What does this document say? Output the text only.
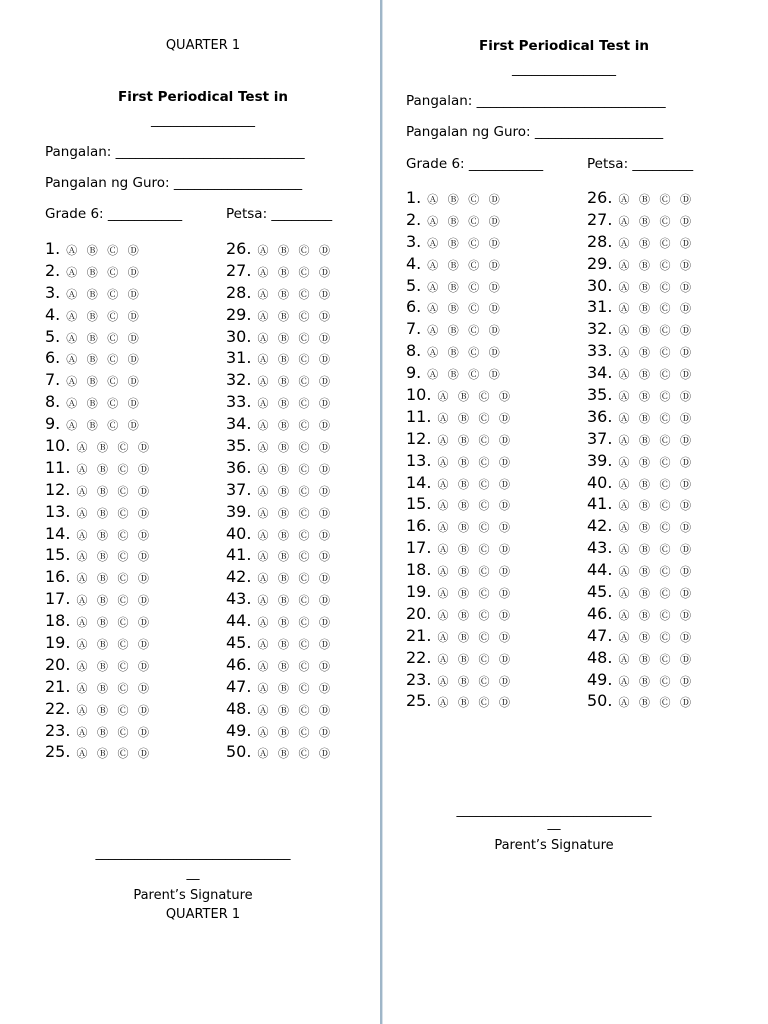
QUARTER 1
First Periodical Test in
________________
Pangalan: ____________________________
Pangalan ng Guro: ___________________
Grade 6: ___________	Petsa: _________
1. Ⓐ Ⓑ Ⓒ Ⓓ
2. Ⓐ Ⓑ Ⓒ Ⓓ
3. Ⓐ Ⓑ Ⓒ Ⓓ
4. Ⓐ Ⓑ Ⓒ Ⓓ
5. Ⓐ Ⓑ Ⓒ Ⓓ
6. Ⓐ Ⓑ Ⓒ Ⓓ
7. Ⓐ Ⓑ Ⓒ Ⓓ
8. Ⓐ Ⓑ Ⓒ Ⓓ
9. Ⓐ Ⓑ Ⓒ Ⓓ
10. Ⓐ Ⓑ Ⓒ Ⓓ
11. Ⓐ Ⓑ Ⓒ Ⓓ
12. Ⓐ Ⓑ Ⓒ Ⓓ
13. Ⓐ Ⓑ Ⓒ Ⓓ
14. Ⓐ Ⓑ Ⓒ Ⓓ
15. Ⓐ Ⓑ Ⓒ Ⓓ
16. Ⓐ Ⓑ Ⓒ Ⓓ
17. Ⓐ Ⓑ Ⓒ Ⓓ
18. Ⓐ Ⓑ Ⓒ Ⓓ
19. Ⓐ Ⓑ Ⓒ Ⓓ
20. Ⓐ Ⓑ Ⓒ Ⓓ
21. Ⓐ Ⓑ Ⓒ Ⓓ
22. Ⓐ Ⓑ Ⓒ Ⓓ
23. Ⓐ Ⓑ Ⓒ Ⓓ
25. Ⓐ Ⓑ Ⓒ Ⓓ
26. Ⓐ Ⓑ Ⓒ Ⓓ
27. Ⓐ Ⓑ Ⓒ Ⓓ
28. Ⓐ Ⓑ Ⓒ Ⓓ
29. Ⓐ Ⓑ Ⓒ Ⓓ
30. Ⓐ Ⓑ Ⓒ Ⓓ
31. Ⓐ Ⓑ Ⓒ Ⓓ
32. Ⓐ Ⓑ Ⓒ Ⓓ
33. Ⓐ Ⓑ Ⓒ Ⓓ
34. Ⓐ Ⓑ Ⓒ Ⓓ
35. Ⓐ Ⓑ Ⓒ Ⓓ
36. Ⓐ Ⓑ Ⓒ Ⓓ
37. Ⓐ Ⓑ Ⓒ Ⓓ
39. Ⓐ Ⓑ Ⓒ Ⓓ
40. Ⓐ Ⓑ Ⓒ Ⓓ
41. Ⓐ Ⓑ Ⓒ Ⓓ
42. Ⓐ Ⓑ Ⓒ Ⓓ
43. Ⓐ Ⓑ Ⓒ Ⓓ
44. Ⓐ Ⓑ Ⓒ Ⓓ
45. Ⓐ Ⓑ Ⓒ Ⓓ
46. Ⓐ Ⓑ Ⓒ Ⓓ
47. Ⓐ Ⓑ Ⓒ Ⓓ
48. Ⓐ Ⓑ Ⓒ Ⓓ
49. Ⓐ Ⓑ Ⓒ Ⓓ
50. Ⓐ Ⓑ Ⓒ Ⓓ
______________________________
__
Parent’s Signature
QUARTER 1
First Periodical Test in
________________
Pangalan: ____________________________
Pangalan ng Guro: ___________________
Grade 6: ___________	Petsa: _________
1. Ⓐ Ⓑ Ⓒ Ⓓ
2. Ⓐ Ⓑ Ⓒ Ⓓ
3. Ⓐ Ⓑ Ⓒ Ⓓ
4. Ⓐ Ⓑ Ⓒ Ⓓ
5. Ⓐ Ⓑ Ⓒ Ⓓ
6. Ⓐ Ⓑ Ⓒ Ⓓ
7. Ⓐ Ⓑ Ⓒ Ⓓ
8. Ⓐ Ⓑ Ⓒ Ⓓ
9. Ⓐ Ⓑ Ⓒ Ⓓ
10. Ⓐ Ⓑ Ⓒ Ⓓ
11. Ⓐ Ⓑ Ⓒ Ⓓ
12. Ⓐ Ⓑ Ⓒ Ⓓ
13. Ⓐ Ⓑ Ⓒ Ⓓ
14. Ⓐ Ⓑ Ⓒ Ⓓ
15. Ⓐ Ⓑ Ⓒ Ⓓ
16. Ⓐ Ⓑ Ⓒ Ⓓ
17. Ⓐ Ⓑ Ⓒ Ⓓ
18. Ⓐ Ⓑ Ⓒ Ⓓ
19. Ⓐ Ⓑ Ⓒ Ⓓ
20. Ⓐ Ⓑ Ⓒ Ⓓ
21. Ⓐ Ⓑ Ⓒ Ⓓ
22. Ⓐ Ⓑ Ⓒ Ⓓ
23. Ⓐ Ⓑ Ⓒ Ⓓ
25. Ⓐ Ⓑ Ⓒ Ⓓ
26. Ⓐ Ⓑ Ⓒ Ⓓ
27. Ⓐ Ⓑ Ⓒ Ⓓ
28. Ⓐ Ⓑ Ⓒ Ⓓ
29. Ⓐ Ⓑ Ⓒ Ⓓ
30. Ⓐ Ⓑ Ⓒ Ⓓ
31. Ⓐ Ⓑ Ⓒ Ⓓ
32. Ⓐ Ⓑ Ⓒ Ⓓ
33. Ⓐ Ⓑ Ⓒ Ⓓ
34. Ⓐ Ⓑ Ⓒ Ⓓ
35. Ⓐ Ⓑ Ⓒ Ⓓ
36. Ⓐ Ⓑ Ⓒ Ⓓ
37. Ⓐ Ⓑ Ⓒ Ⓓ
39. Ⓐ Ⓑ Ⓒ Ⓓ
40. Ⓐ Ⓑ Ⓒ Ⓓ
41. Ⓐ Ⓑ Ⓒ Ⓓ
42. Ⓐ Ⓑ Ⓒ Ⓓ
43. Ⓐ Ⓑ Ⓒ Ⓓ
44. Ⓐ Ⓑ Ⓒ Ⓓ
45. Ⓐ Ⓑ Ⓒ Ⓓ
46. Ⓐ Ⓑ Ⓒ Ⓓ
47. Ⓐ Ⓑ Ⓒ Ⓓ
48. Ⓐ Ⓑ Ⓒ Ⓓ
49. Ⓐ Ⓑ Ⓒ Ⓓ
50. Ⓐ Ⓑ Ⓒ Ⓓ
______________________________
__
Parent’s Signature
